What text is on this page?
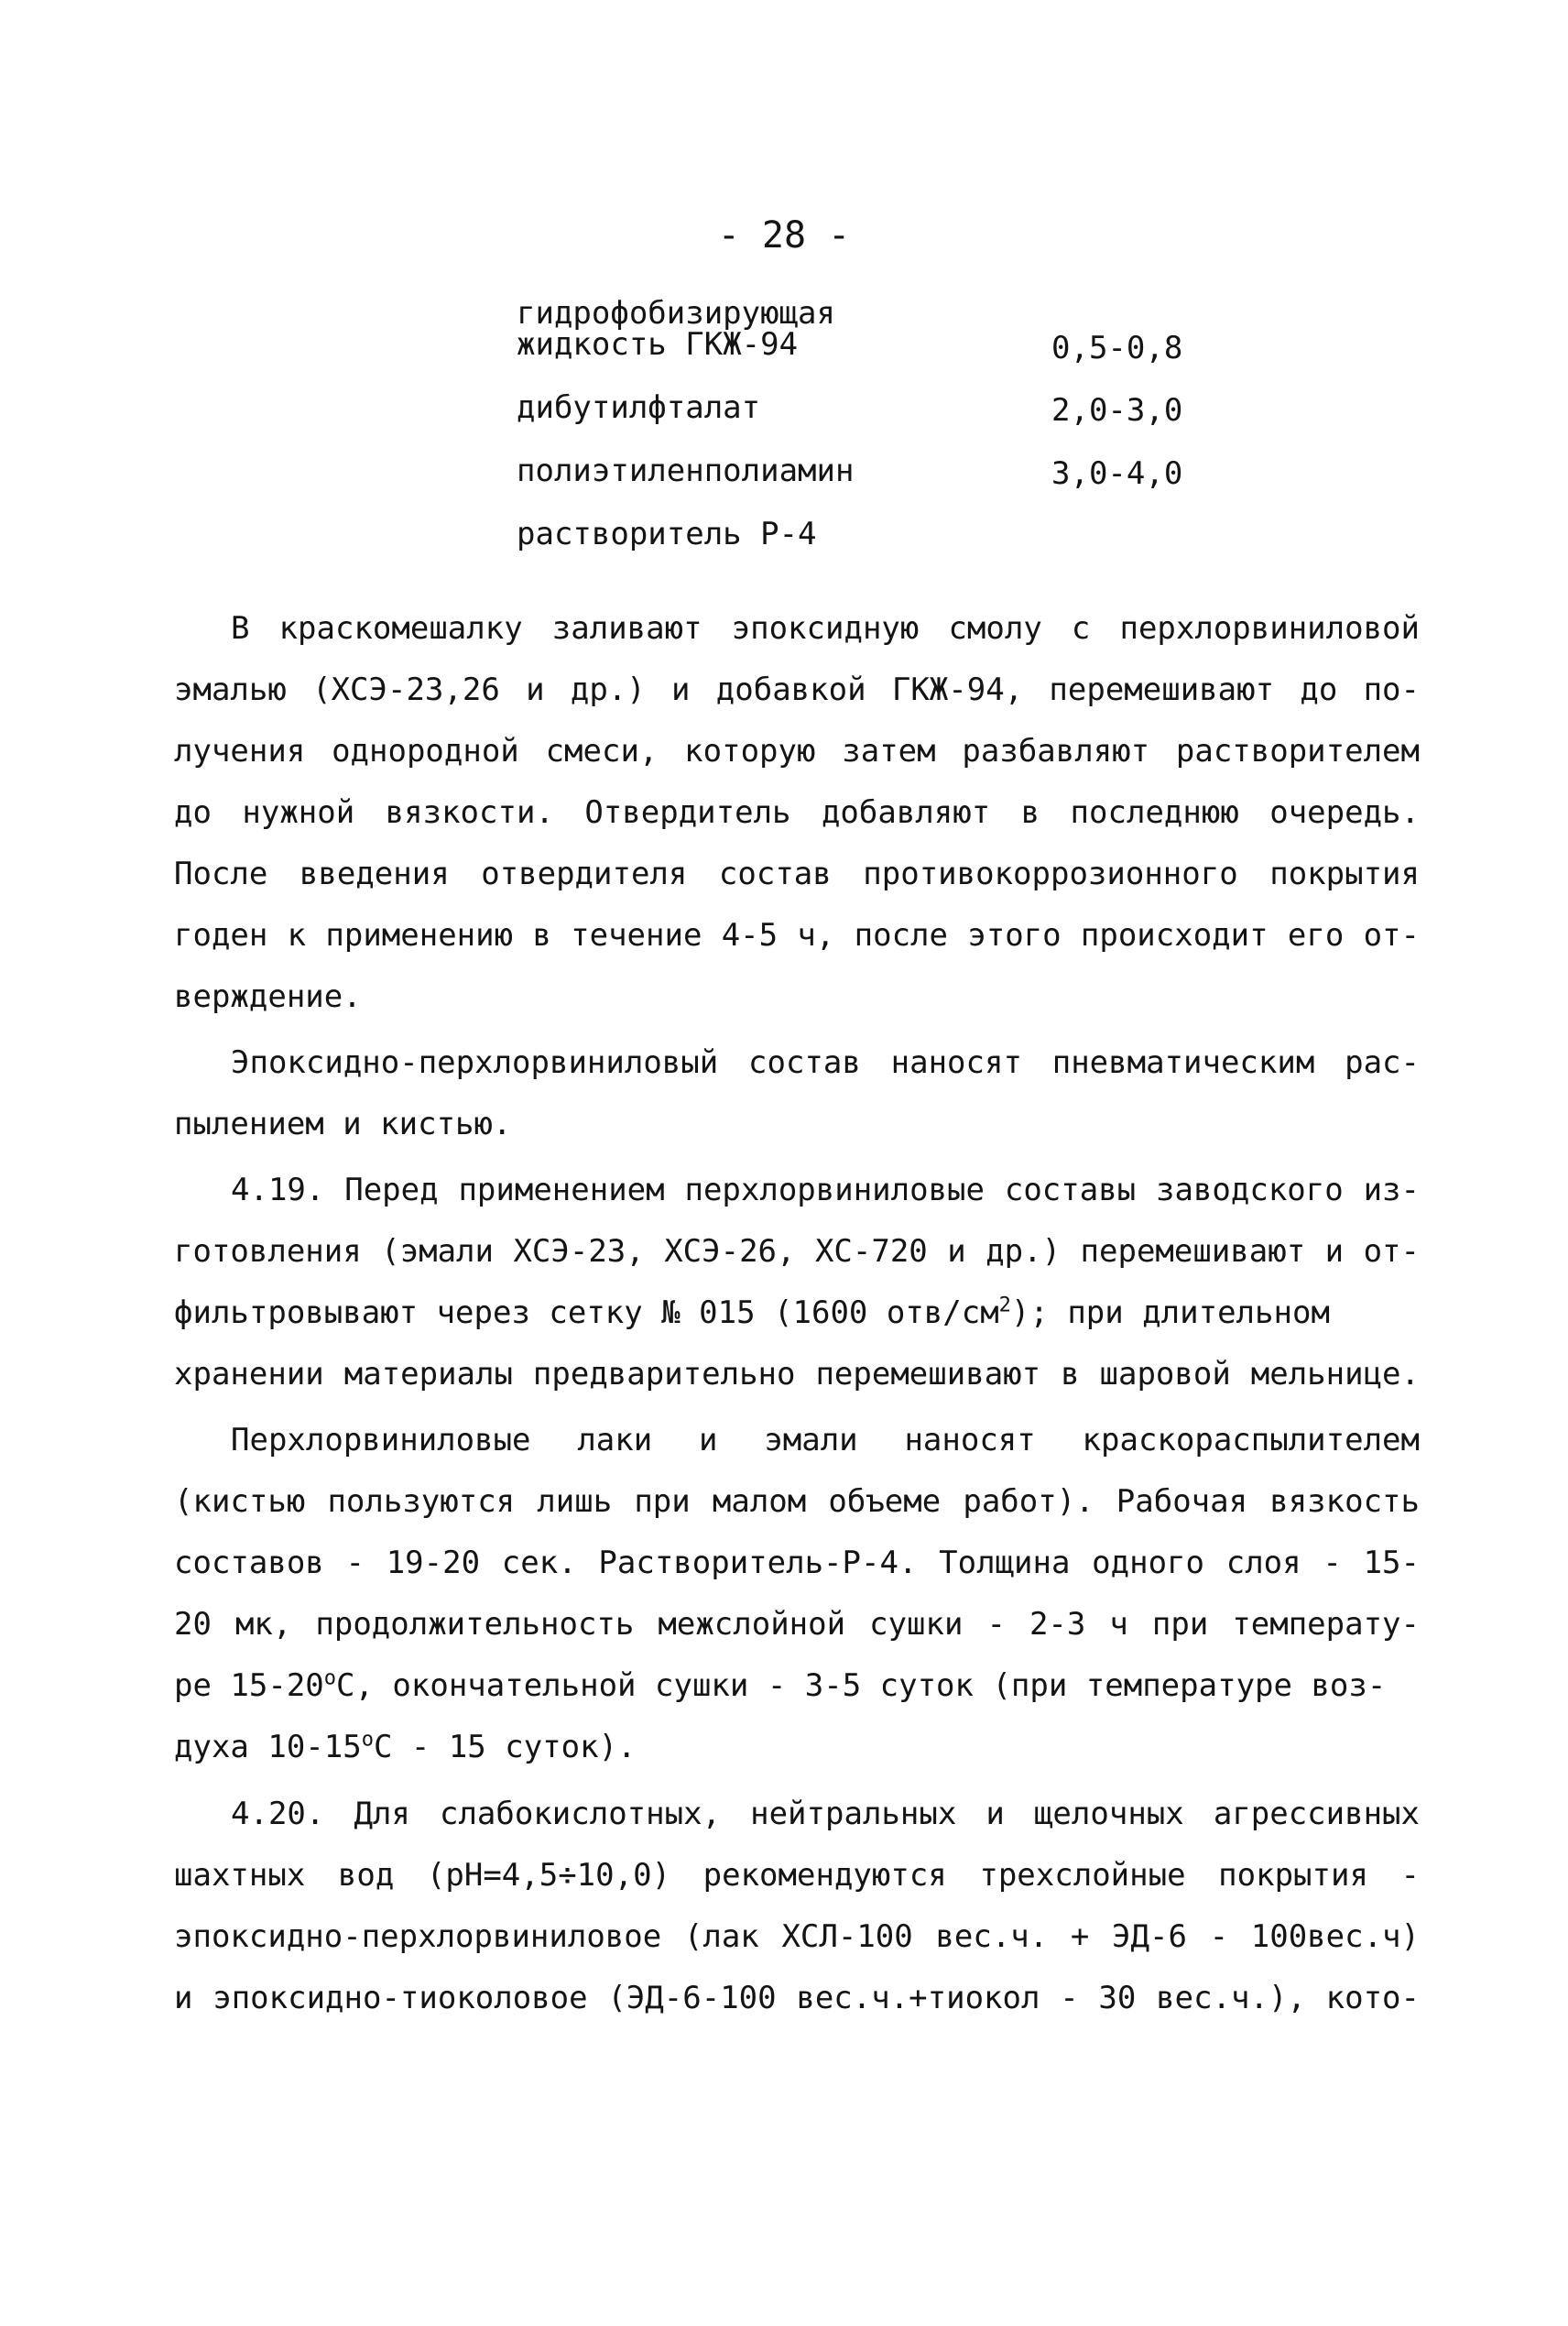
- 28 -
гидрофобизирующая
жидкость ГКЖ-94	0,5-0,8
дибутилфталат	2,0-3,0
полиэтиленполиамин	3,0-4,0
растворитель Р-4
В краскомешалку заливают эпоксидную смолу с перхлорвиниловой
эмалью (ХСЭ-23,26 и др.) и добавкой ГКЖ-94, перемешивают до по-
лучения однородной смеси, которую затем разбавляют растворителем
до нужной вязкости. Отвердитель добавляют в последнюю очередь.
После введения отвердителя состав противокоррозионного покрытия
годен к применению в течение 4-5 ч, после этого происходит его от-
верждение.
Эпоксидно-перхлорвиниловый состав наносят пневматическим рас-
пылением и кистью.
4.19. Перед применением перхлорвиниловые составы заводского из-
готовления (эмали ХСЭ-23, ХСЭ-26, ХС-720 и др.) перемешивают и от-
фильтровывают через сетку № 015 (1600 отв/$см^2$); при длительном
хранении материалы предварительно перемешивают в шаровой мельнице.
Перхлорвиниловые лаки и эмали наносят краскораспылителем
(кистью пользуются лишь при малом объеме работ). Рабочая вязкость
составов - 19-20 сек. Растворитель-Р-4. Толщина одного слоя - 15-
20 мк, продолжительность межслойной сушки - 2-3 ч при температу-
ре $15-20^оС$, окончательной сушки - 3-5 суток (при температуре воз-
духа $10-15^оС - 15$ суток).
4.20. Для слабокислотных, нейтральных и щелочных агрессивных
шахтных вод (рН=4,5÷10,0) рекомендуются трехслойные покрытия -
эпоксидно-перхлорвиниловое (лак ХСЛ-100 вес.ч. + ЭД-6 - 100вес.ч)
и эпоксидно-тиоколовое (ЭД-6-100 вес.ч.+тиокол - 30 вес.ч.), кото-
